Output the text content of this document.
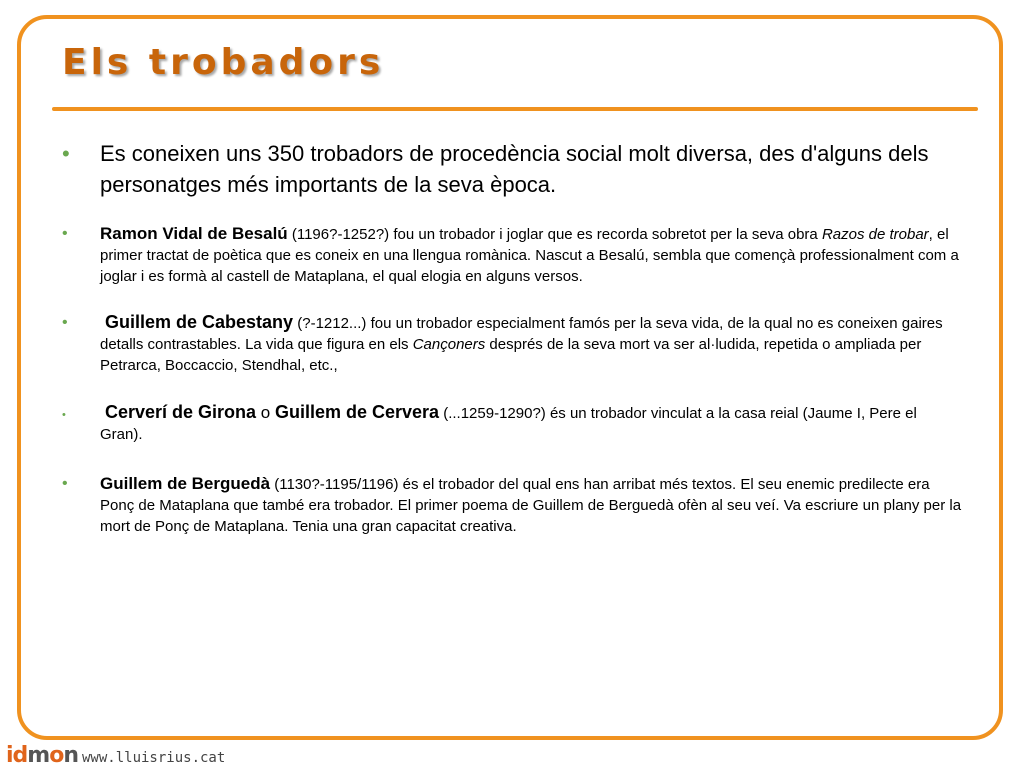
Els trobadors
• Es coneixen uns 350 trobadors de procedència social molt diversa, des d'alguns dels personatges més importants de la seva època.
• Ramon Vidal de Besalú (1196?-1252?) fou un trobador i joglar que es recorda sobretot per la seva obra Razos de trobar, el primer tractat de poètica que es coneix en una llengua romànica. Nascut a Besalú, sembla que començà professionalment com a joglar i es formà al castell de Mataplana, el qual elogia en alguns versos.
• Guillem de Cabestany (?-1212...) fou un trobador especialment famós per la seva vida, de la qual no es coneixen gaires detalls contrastables. La vida que figura en els Cançoners després de la seva mort va ser al·ludida, repetida o ampliada per Petrarca, Boccaccio, Stendhal, etc.,
• Cerverí de Girona o Guillem de Cervera (...1259-1290?) és un trobador vinculat a la casa reial (Jaume I, Pere el Gran).
• Guillem de Berguedà (1130?-1195/1196) és el trobador del qual ens han arribat més textos. El seu enemic predilecte era Ponç de Mataplana que també era trobador. El primer poema de Guillem de Berguedà ofèn al seu veí. Va escriure un plany per la mort de Ponç de Mataplana. Tenia una gran capacitat creativa.
idmon www.lluisrius.cat
